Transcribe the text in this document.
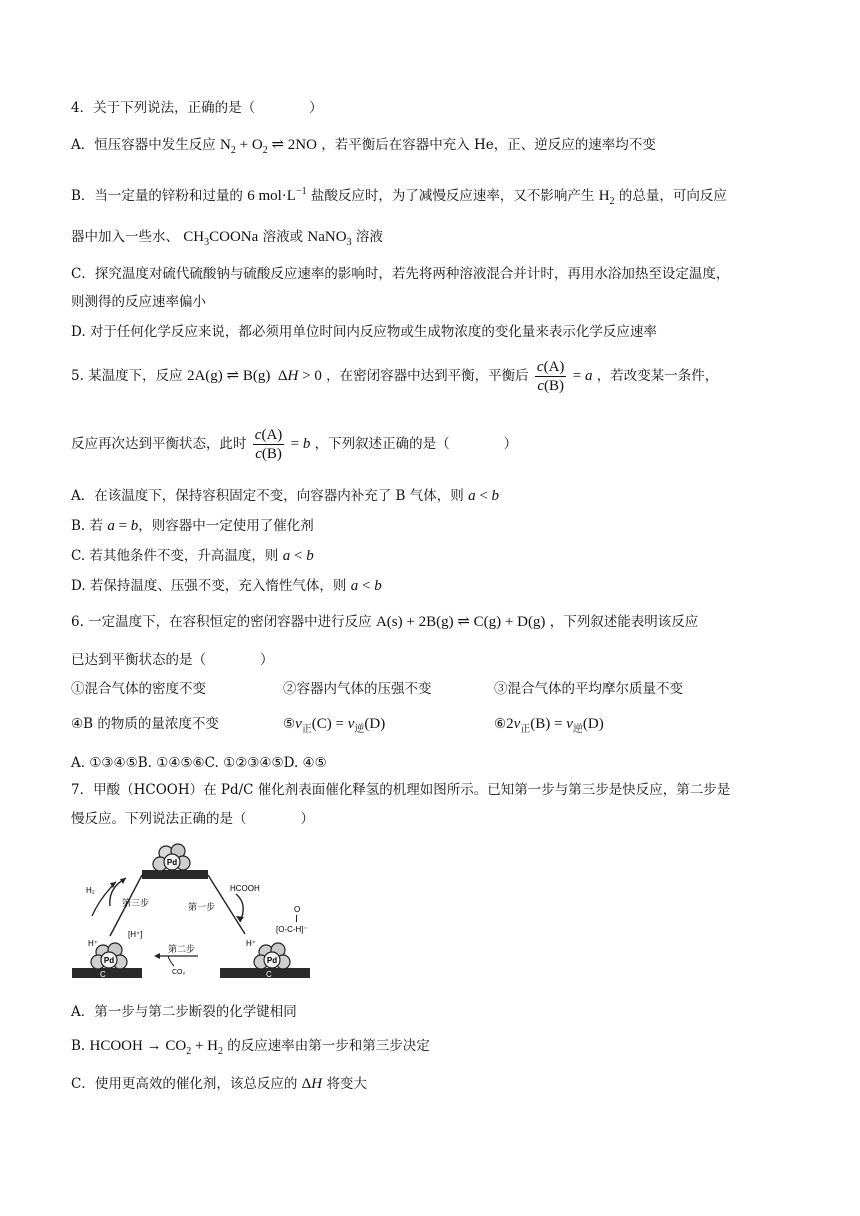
4．关于下列说法，正确的是（　　　　）
A．恒压容器中发生反应 $N_2 + O_2$ ⇌ 2NO ，若平衡后在容器中充入 He，正、逆反应的速率均不变
B．当一定量的锌粉和过量的 6 $mol\cdot L^{-1}$ 盐酸反应时，为了减慢反应速率，又不影响产生 $H_2$ 的总量，可向反应
器中加入一些水、 $CH_3COONa$ 溶液或 NaNO$_3$ 溶液
C．探究温度对硫代硫酸钠与硫酸反应速率的影响时，若先将两种溶液混合并计时，再用水浴加热至设定温度，
则测得的反应速率偏小
D. 对于任何化学反应来说，都必须用单位时间内反应物或生成物浓度的变化量来表示化学反应速率
5. 某温度下，反应 2A(g) ⇌ B(g)  ΔH > 0 ，在密闭容器中达到平衡，平衡后 $\frac{c(A)}{c(B)} = a$ ，若改变某一条件，
反应再次达到平衡状态，此时 $\frac{c(A)}{c(B)} = b$ ，下列叙述正确的是（　　　　）
A．在该温度下，保持容积固定不变，向容器内补充了 B 气体，则 a < b
B. 若 a = b，则容器中一定使用了催化剂
C. 若其他条件不变，升高温度，则 a < b
D. 若保持温度、压强不变，充入惰性气体，则 a < b
6. 一定温度下，在容积恒定的密闭容器中进行反应 A(s) + 2B(g) ⇌ C(g) + D(g) ，下列叙述能表明该反应
已达到平衡状态的是（　　　　）
①混合气体的密度不变	②容器内气体的压强不变	③混合气体的平均摩尔质量不变
④B 的物质的量浓度不变	$⑤v_正(C) = v_逆(D)$	$⑥2v_正(B) = v_逆(D)$
A. ①③④⑤B. ①④⑤⑥C. ①②③④⑤D. ④⑤
7．甲酸（HCOOH）在 Pd/C 催化剂表面催化释氢的机理如图所示。已知第一步与第三步是快反应，第二步是
慢反应。下列说法正确的是（　　　　）
Pd
Pd	Pd
C	C
H₂	HCOOH
第三步	第一步
第二步
CO₂
H⁺
[H⁺]
H⁺
O
[O-C-H]⁻
A．第一步与第二步断裂的化学键相同
B. HCOOH → $CO_2 + H_2$ 的反应速率由第一步和第三步决定
C．使用更高效的催化剂，该总反应的 ΔH 将变大
